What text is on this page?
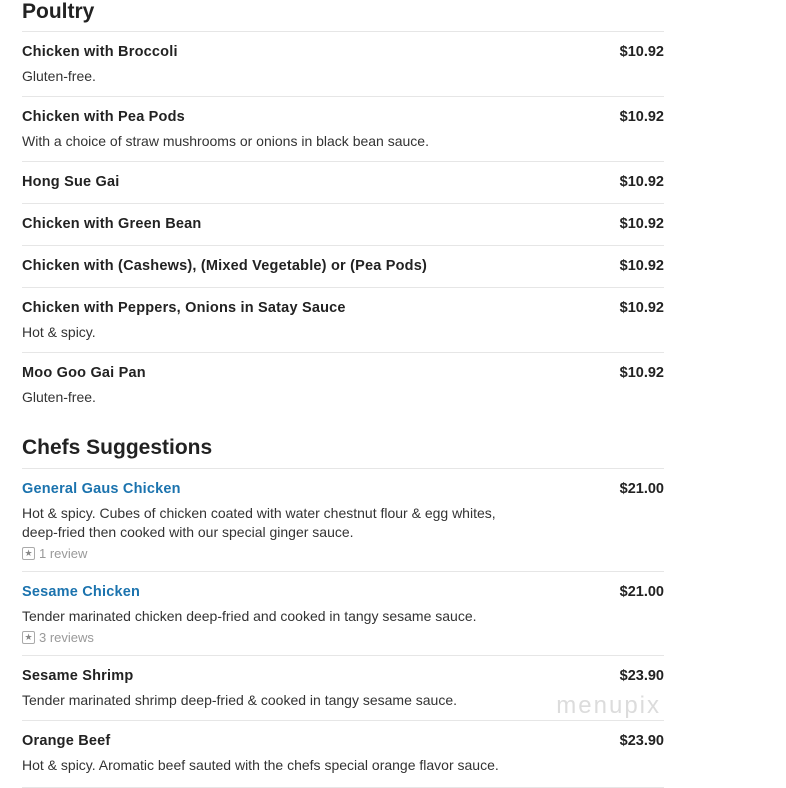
Poultry
Chicken with Broccoli	$10.92
Gluten-free.
Chicken with Pea Pods	$10.92
With a choice of straw mushrooms or onions in black bean sauce.
Hong Sue Gai	$10.92
Chicken with Green Bean	$10.92
Chicken with (Cashews), (Mixed Vegetable) or (Pea Pods)	$10.92
Chicken with Peppers, Onions in Satay Sauce	$10.92
Hot & spicy.
Moo Goo Gai Pan	$10.92
Gluten-free.
Chefs Suggestions
General Gaus Chicken	$21.00
Hot & spicy. Cubes of chicken coated with water chestnut flour & egg whites, deep-fried then cooked with our special ginger sauce.
★ 1 review
Sesame Chicken	$21.00
Tender marinated chicken deep-fried and cooked in tangy sesame sauce.
★ 3 reviews
Sesame Shrimp	$23.90
Tender marinated shrimp deep-fried & cooked in tangy sesame sauce.
Orange Beef	$23.90
Hot & spicy. Aromatic beef sauted with the chefs special orange flavor sauce.
menupix
